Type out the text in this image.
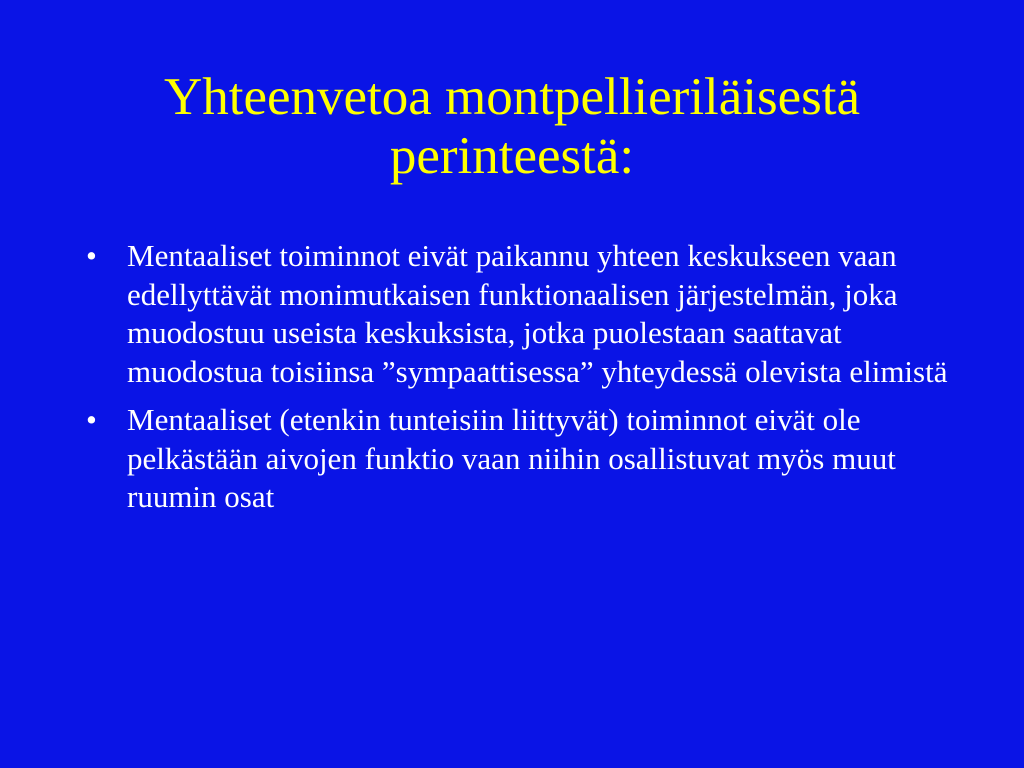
Yhteenvetoa montpellieriläisestä perinteestä:
• Mentaaliset toiminnot eivät paikannu yhteen keskukseen vaan edellyttävät monimutkaisen funktionaalisen järjestelmän, joka muodostuu useista keskuksista, jotka puolestaan saattavat muodostua toisiinsa ”sympaattisessa” yhteydessä olevista elimistä
• Mentaaliset (etenkin tunteisiin liittyvät) toiminnot eivät ole pelkästään aivojen funktio vaan niihin osallistuvat myös muut ruumin osat
